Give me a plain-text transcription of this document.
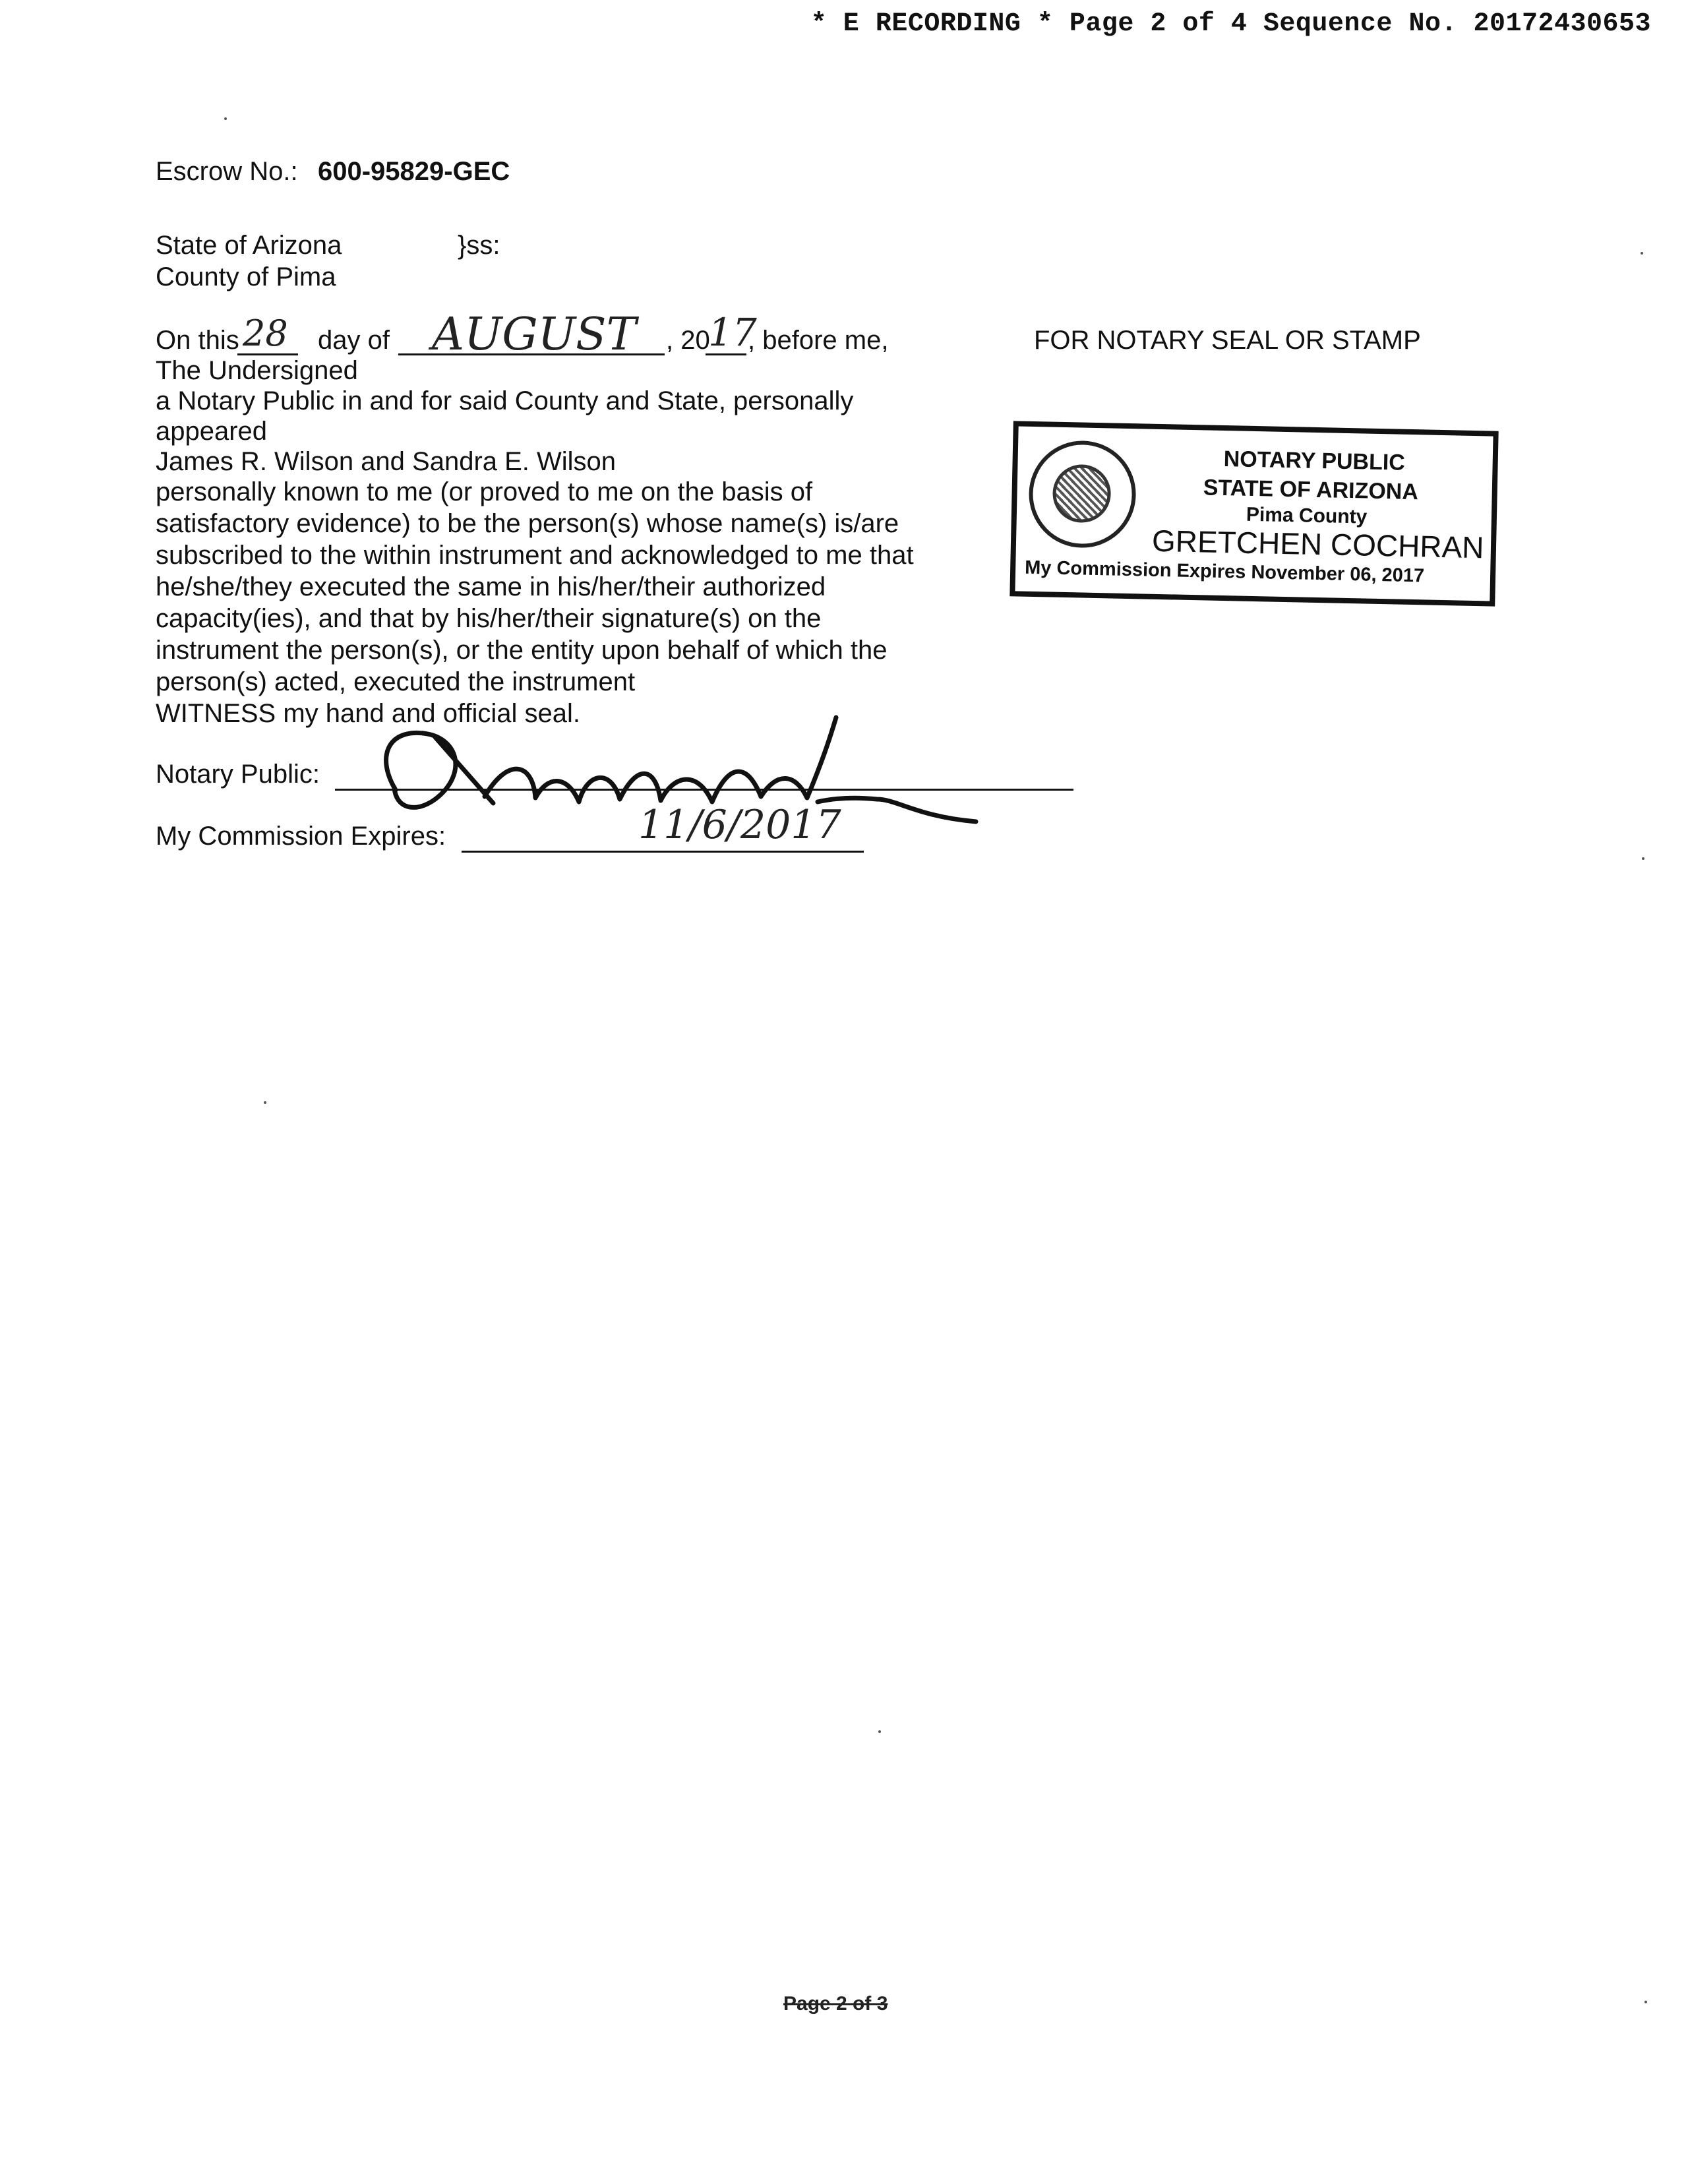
* E RECORDING * Page 2 of 4 Sequence No. 20172430653
Escrow No.: 600-95829-GEC
State of Arizona	}ss:
County of Pima
On this 28 day of AUGUST , 20
17
, before me,	FOR NOTARY SEAL OR STAMP
The Undersigned
a Notary Public in and for said County and State, personally
appeared
James R. Wilson and Sandra E. Wilson
personally known to me (or proved to me on the basis of
satisfactory evidence) to be the person(s) whose name(s) is/are
subscribed to the within instrument and acknowledged to me that
he/she/they executed the same in his/her/their authorized
capacity(ies), and that by his/her/their signature(s) on the
instrument the person(s), or the entity upon behalf of which the
person(s) acted, executed the instrument
WITNESS my hand and official seal.
Notary Public:
My Commission Expires:	11/6/2017
NOTARY PUBLIC
STATE OF ARIZONA
Pima County
GRETCHEN COCHRAN
My Commission Expires November 06, 2017
Page 2 of 3
